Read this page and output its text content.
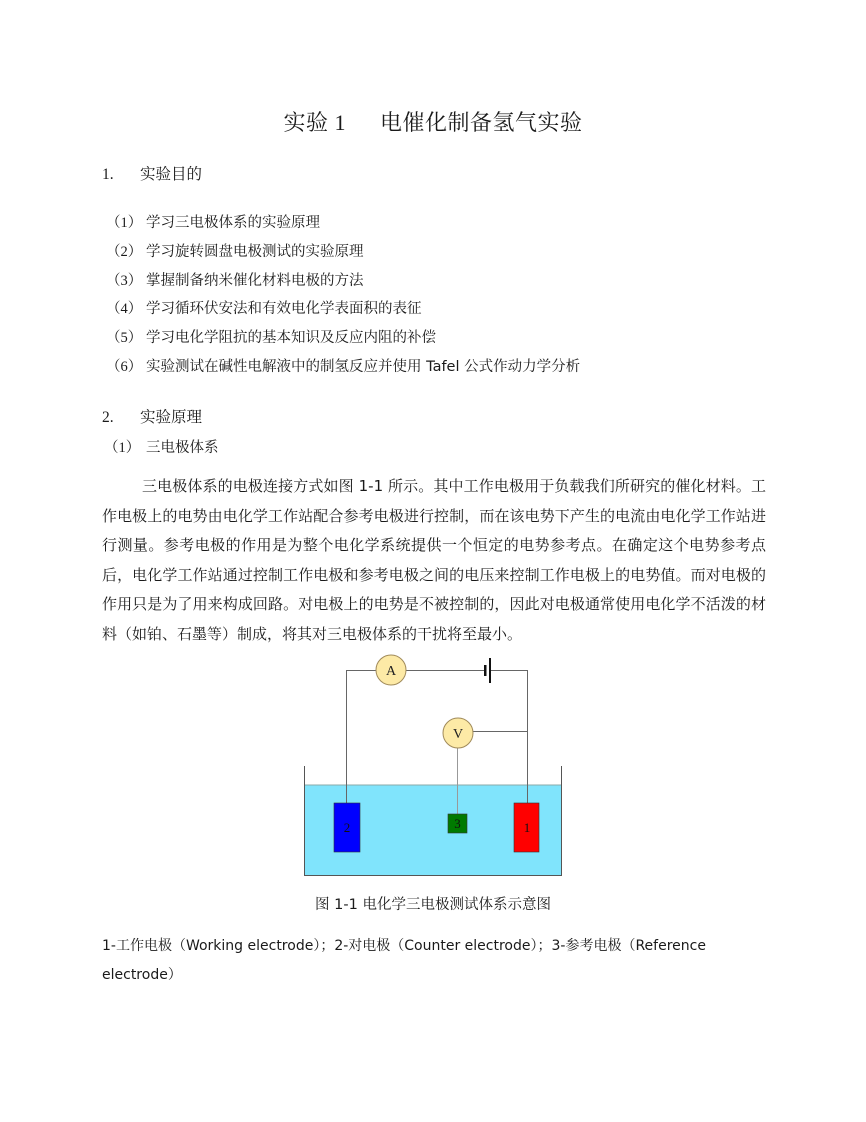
实验 1 电催化制备氢气实验
1. 实验目的
（1） 学习三电极体系的实验原理
（2） 学习旋转圆盘电极测试的实验原理
（3） 掌握制备纳米催化材料电极的方法
（4） 学习循环伏安法和有效电化学表面积的表征
（5） 学习电化学阻抗的基本知识及反应内阻的补偿
（6） 实验测试在碱性电解液中的制氢反应并使用 Tafel 公式作动力学分析
2. 实验原理
（1） 三电极体系

三电极体系的电极连接方式如图 1-1 所示。其中工作电极用于负载我们所研究的催化材料。工作电极上的电势由电化学工作站配合参考电极进行控制，而在该电势下产生的电流由电化学工作站进行测量。参考电极的作用是为整个电化学系统提供一个恒定的电势参考点。在确定这个电势参考点后，电化学工作站通过控制工作电极和参考电极之间的电压来控制工作电极上的电势值。而对电极的作用只是为了用来构成回路。对电极上的电势是不被控制的，因此对电极通常使用电化学不活泼的材料（如铂、石墨等）制成，将其对三电极体系的干扰将至最小。

A
V
2	3	1
图 1-1 电化学三电极测试体系示意图
1-工作电极（Working electrode）；2-对电极（Counter electrode）；3-参考电极（Reference electrode）
